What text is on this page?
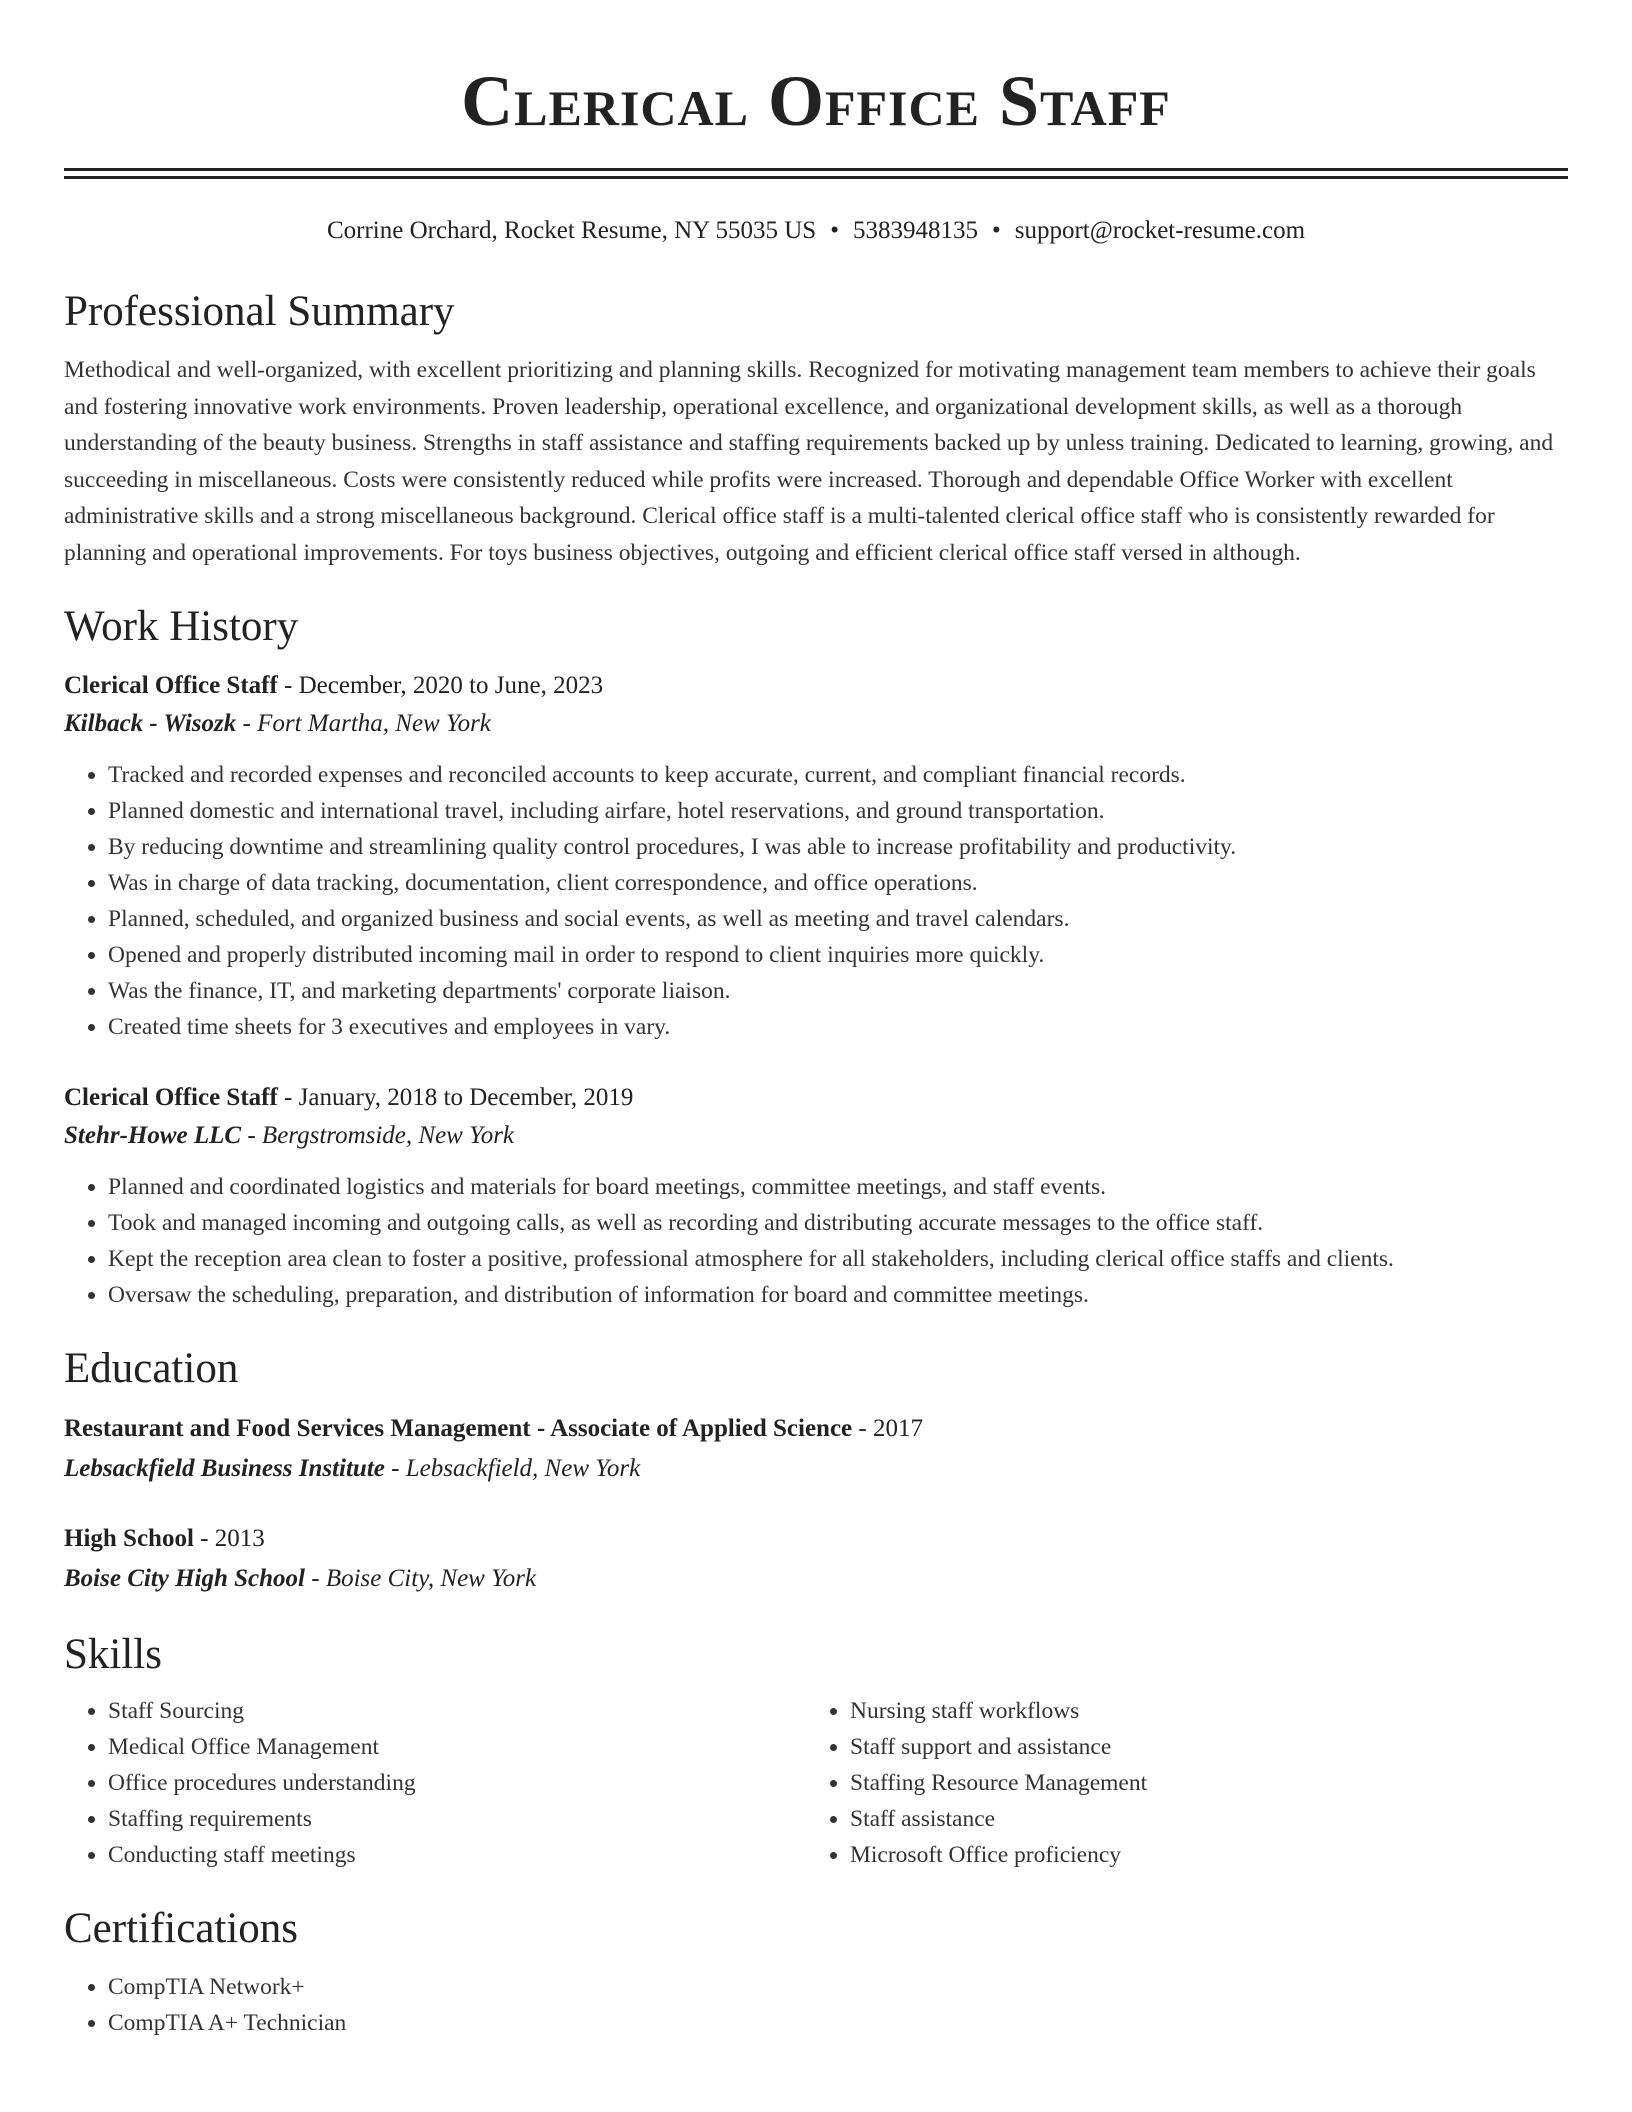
Clerical Office Staff
Corrine Orchard, Rocket Resume, NY 55035 US • 5383948135 • support@rocket-resume.com
Professional Summary

Methodical and well-organized, with excellent prioritizing and planning skills. Recognized for motivating management team members to achieve their goals and fostering innovative work environments. Proven leadership, operational excellence, and organizational development skills, as well as a thorough understanding of the beauty business. Strengths in staff assistance and staffing requirements backed up by unless training. Dedicated to learning, growing, and succeeding in miscellaneous. Costs were consistently reduced while profits were increased. Thorough and dependable Office Worker with excellent administrative skills and a strong miscellaneous background. Clerical office staff is a multi-talented clerical office staff who is consistently rewarded for planning and operational improvements. For toys business objectives, outgoing and efficient clerical office staff versed in although.

Work History
Clerical Office Staff - December, 2020 to June, 2023
Kilback - Wisozk - Fort Martha, New York
• Tracked and recorded expenses and reconciled accounts to keep accurate, current, and compliant financial records.
• Planned domestic and international travel, including airfare, hotel reservations, and ground transportation.
• By reducing downtime and streamlining quality control procedures, I was able to increase profitability and productivity.
• Was in charge of data tracking, documentation, client correspondence, and office operations.
• Planned, scheduled, and organized business and social events, as well as meeting and travel calendars.
• Opened and properly distributed incoming mail in order to respond to client inquiries more quickly.
• Was the finance, IT, and marketing departments' corporate liaison.
• Created time sheets for 3 executives and employees in vary.
Clerical Office Staff - January, 2018 to December, 2019
Stehr-Howe LLC - Bergstromside, New York
• Planned and coordinated logistics and materials for board meetings, committee meetings, and staff events.
• Took and managed incoming and outgoing calls, as well as recording and distributing accurate messages to the office staff.
• Kept the reception area clean to foster a positive, professional atmosphere for all stakeholders, including clerical office staffs and clients.
• Oversaw the scheduling, preparation, and distribution of information for board and committee meetings.
Education
Restaurant and Food Services Management - Associate of Applied Science - 2017
Lebsackfield Business Institute - Lebsackfield, New York
High School - 2013
Boise City High School - Boise City, New York
Skills
• Staff Sourcing
• Medical Office Management
• Office procedures understanding
• Staffing requirements
• Conducting staff meetings
• Nursing staff workflows
• Staff support and assistance
• Staffing Resource Management
• Staff assistance
• Microsoft Office proficiency
Certifications
• CompTIA Network+
• CompTIA A+ Technician
